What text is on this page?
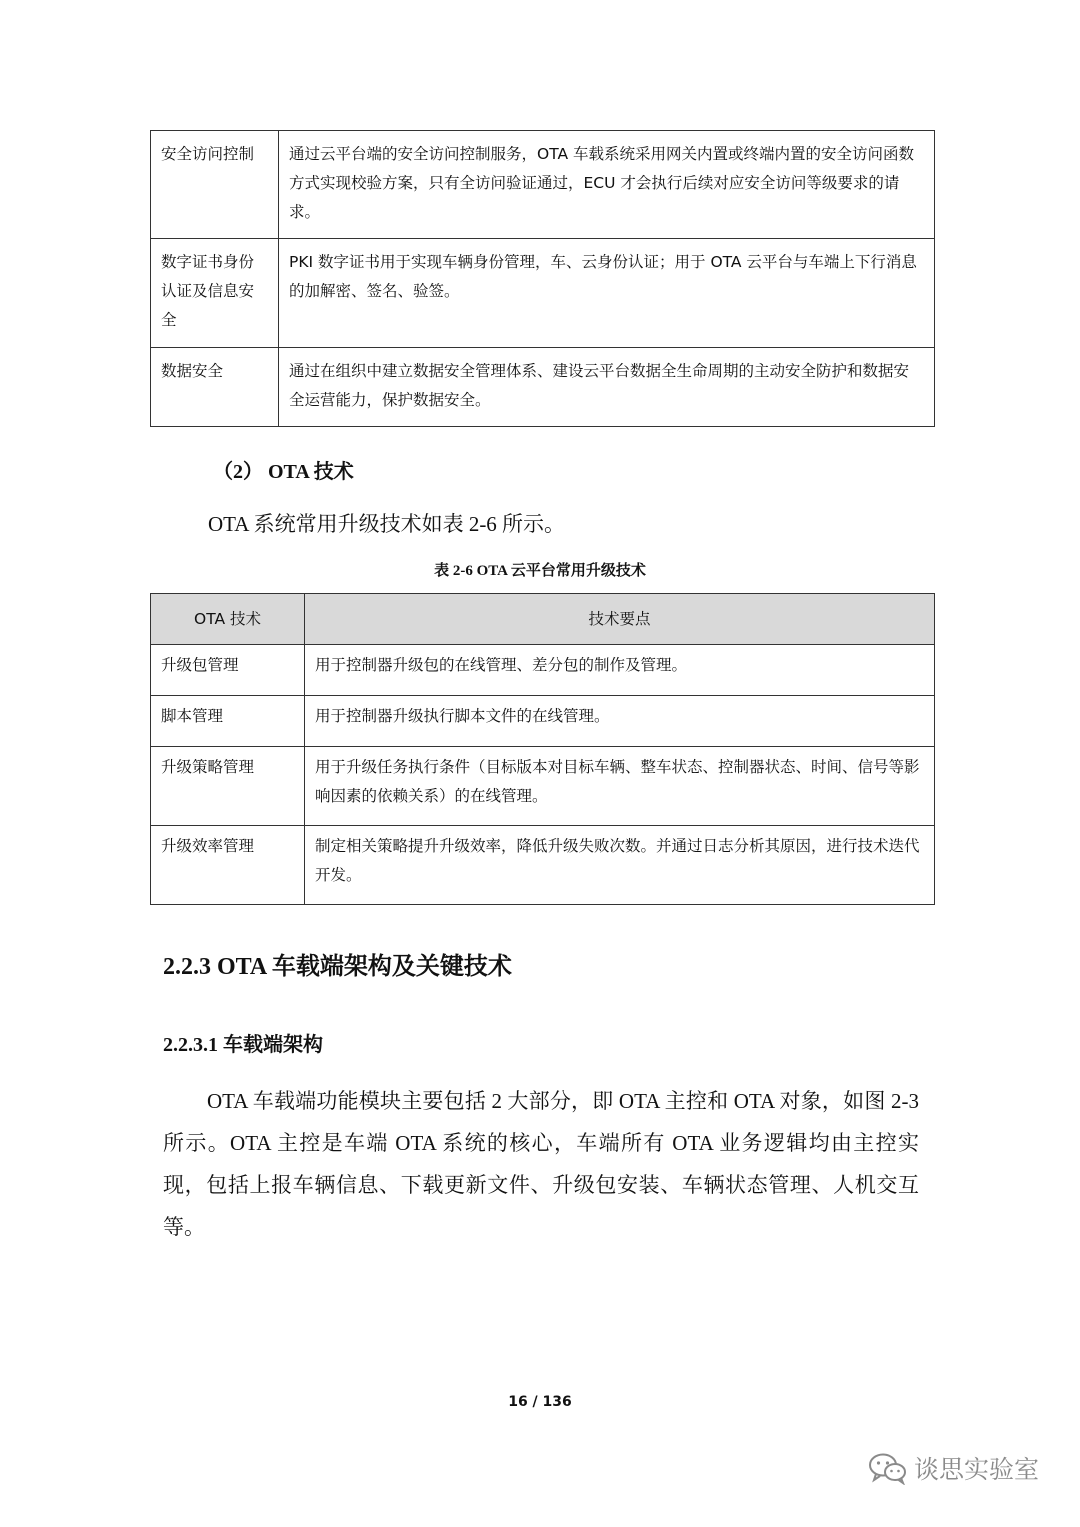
安全访问控制	通过云平台端的安全访问控制服务，OTA 车载系统采用网关内置或终端内置的安全访问函数方式实现校验方案，只有全访问验证通过，ECU 才会执行后续对应安全访问等级要求的请求。
数字证书身份认证及信息安全	PKI 数字证书用于实现车辆身份管理，车、云身份认证；用于 OTA 云平台与车端上下行消息的加解密、签名、验签。
数据安全	通过在组织中建立数据安全管理体系、建设云平台数据全生命周期的主动安全防护和数据安全运营能力，保护数据安全。
（2） OTA 技术
OTA 系统常用升级技术如表 2-6 所示。
表 2-6 OTA 云平台常用升级技术
OTA 技术	技术要点
升级包管理	用于控制器升级包的在线管理、差分包的制作及管理。
脚本管理	用于控制器升级执行脚本文件的在线管理。
升级策略管理	用于升级任务执行条件（目标版本对目标车辆、整车状态、控制器状态、时间、信号等影响因素的依赖关系）的在线管理。
升级效率管理	制定相关策略提升升级效率，降低升级失败次数。并通过日志分析其原因，进行技术迭代开发。
2.2.3 OTA 车载端架构及关键技术
2.2.3.1 车载端架构
OTA 车载端功能模块主要包括 2 大部分，即 OTA 主控和 OTA 对象，如图 2-3 所示。OTA 主控是车端 OTA 系统的核心，车端所有 OTA 业务逻辑均由主控实现，包括上报车辆信息、下载更新文件、升级包安装、车辆状态管理、人机交互等。
16 / 136
谈思实验室
